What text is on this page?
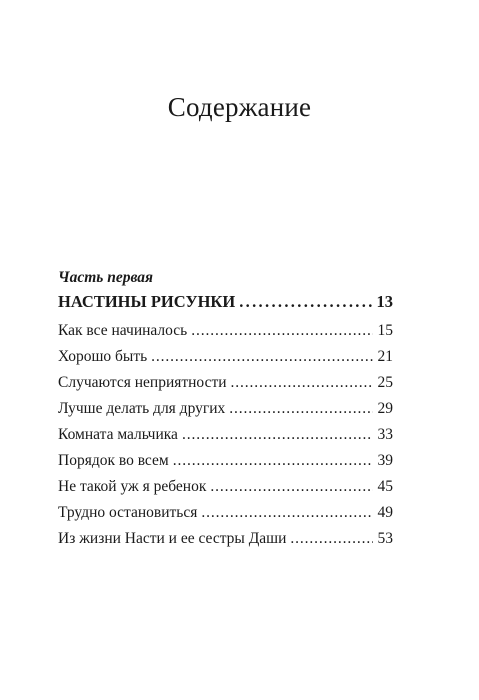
Содержание
Часть первая
НАСТИНЫ РИСУНКИ . . .	13
Как все начиналось . . .	15
Хорошо быть . . .	21
Случаются неприятности . . .	25
Лучше делать для других . . .	29
Комната мальчика . . .	33
Порядок во всем . . .	39
Не такой уж я ребенок . . .	45
Трудно остановиться . . .	49
Из жизни Насти и ее сестры Даши . . .	53
